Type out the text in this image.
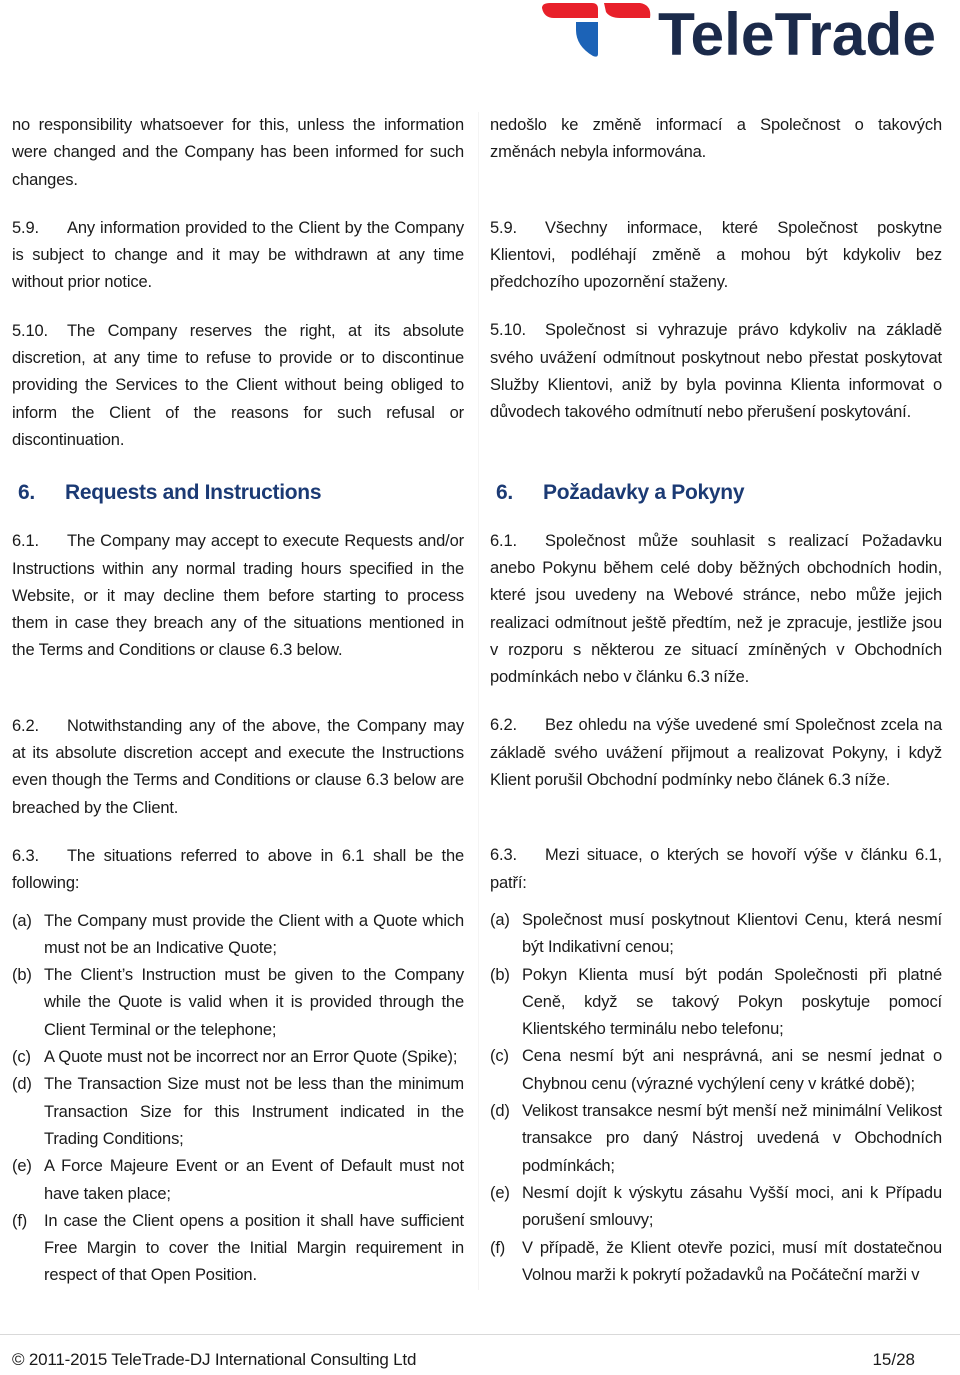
TeleTrade

no responsibility whatsoever for this, unless the information were changed and the Company has been informed for such changes.

5.9. Any information provided to the Client by the Company is subject to change and it may be withdrawn at any time without prior notice.

5.10. The Company reserves the right, at its absolute discretion, at any time to refuse to provide or to discontinue providing the Services to the Client without being obliged to inform the Client of the reasons for such refusal or discontinuation.

6. Requests and Instructions

6.1. The Company may accept to execute Requests and/or Instructions within any normal trading hours specified in the Website, or it may decline them before starting to process them in case they breach any of the situations mentioned in the Terms and Conditions or clause 6.3 below.

6.2. Notwithstanding any of the above, the Company may at its absolute discretion accept and execute the Instructions even though the Terms and Conditions or clause 6.3 below are breached by the Client.

6.3. The situations referred to above in 6.1 shall be the following:

(a) The Company must provide the Client with a Quote which must not be an Indicative Quote;
(b) The Client’s Instruction must be given to the Company while the Quote is valid when it is provided through the Client Terminal or the telephone;
(c) A Quote must not be incorrect nor an Error Quote (Spike);
(d) The Transaction Size must not be less than the minimum Transaction Size for this Instrument indicated in the Trading Conditions;
(e) A Force Majeure Event or an Event of Default must not have taken place;
(f) In case the Client opens a position it shall have sufficient Free Margin to cover the Initial Margin requirement in respect of that Open Position.

nedošlo ke změně informací a Společnost o takových změnách nebyla informována.

5.9. Všechny informace, které Společnost poskytne Klientovi, podléhají změně a mohou být kdykoliv bez předchozího upozornění staženy.

5.10. Společnost si vyhrazuje právo kdykoliv na základě svého uvážení odmítnout poskytnout nebo přestat poskytovat Služby Klientovi, aniž by byla povinna Klienta informovat o důvodech takového odmítnutí nebo přerušení poskytování.

6. Požadavky a Pokyny

6.1. Společnost může souhlasit s realizací Požadavku anebo Pokynu během celé doby běžných obchodních hodin, které jsou uvedeny na Webové stránce, nebo může jejich realizaci odmítnout ještě předtím, než je zpracuje, jestliže jsou v rozporu s některou ze situací zmíněných v Obchodních podmínkách nebo v článku 6.3 níže.

6.2. Bez ohledu na výše uvedené smí Společnost zcela na základě svého uvážení přijmout a realizovat Pokyny, i když Klient porušil Obchodní podmínky nebo článek 6.3 níže.

6.3. Mezi situace, o kterých se hovoří výše v článku 6.1, patří:

(a) Společnost musí poskytnout Klientovi Cenu, která nesmí být Indikativní cenou;
(b) Pokyn Klienta musí být podán Společnosti při platné Ceně, když se takový Pokyn poskytuje pomocí Klientského terminálu nebo telefonu;
(c) Cena nesmí být ani nesprávná, ani se nesmí jednat o Chybnou cenu (výrazné vychýlení ceny v krátké době);
(d) Velikost transakce nesmí být menší než minimální Velikost transakce pro daný Nástroj uvedená v Obchodních podmínkách;
(e) Nesmí dojít k výskytu zásahu Vyšší moci, ani k Případu porušení smlouvy;
(f) V případě, že Klient otevře pozici, musí mít dostatečnou Volnou marži k pokrytí požadavků na Počáteční marži v
© 2011-2015 TeleTrade-DJ International Consulting Ltd	15/28
